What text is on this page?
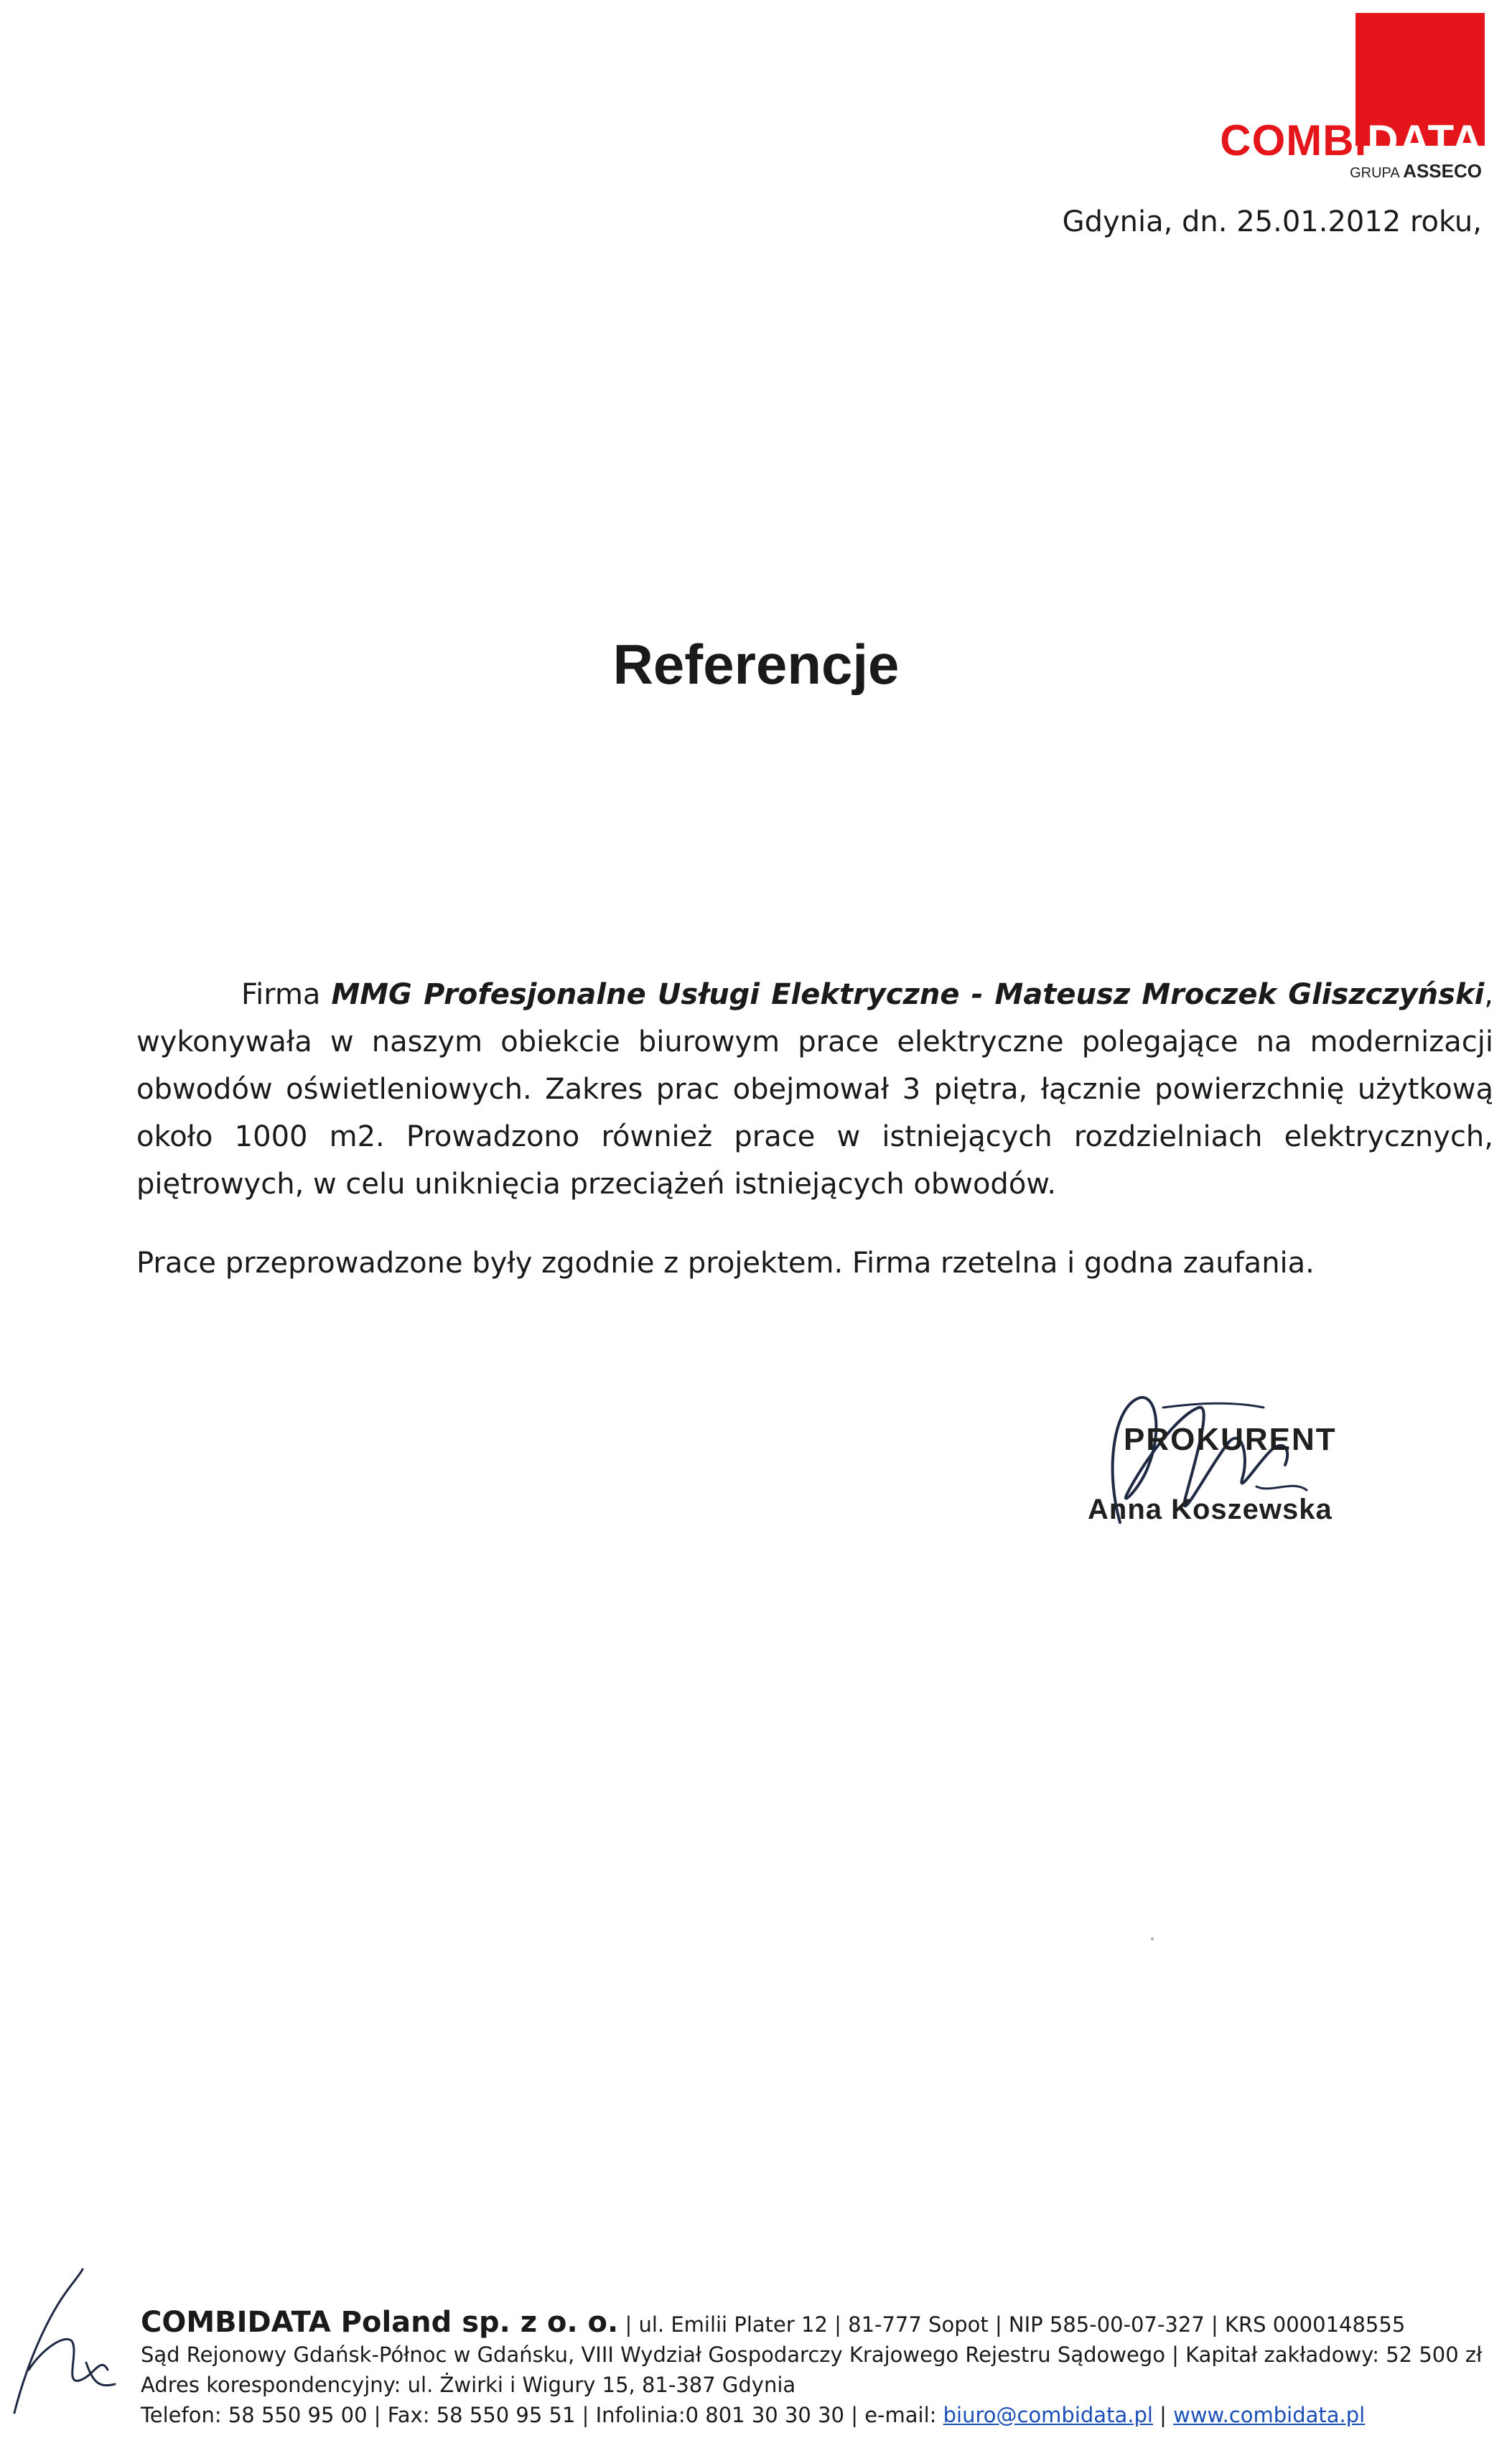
COMBIDATA
GRUPA ASSECO
Gdynia, dn. 25.01.2012 roku,
Referencje

Firma MMG Profesjonalne Usługi Elektryczne - Mateusz Mroczek Gliszczyński, wykonywała w naszym obiekcie biurowym prace elektryczne polegające na modernizacji obwodów oświetleniowych. Zakres prac obejmował 3 piętra, łącznie powierzchnię użytkową około 1000 m2. Prowadzono również prace w istniejących rozdzielniach elektrycznych, piętrowych, w celu uniknięcia przeciążeń istniejących obwodów.

Prace przeprowadzone były zgodnie z projektem. Firma rzetelna i godna zaufania.

PROKURENT
Anna Koszewska
COMBIDATA Poland sp. z o. o. | ul. Emilii Plater 12 | 81-777 Sopot | NIP 585-00-07-327 | KRS 0000148555
Sąd Rejonowy Gdańsk-Północ w Gdańsku, VIII Wydział Gospodarczy Krajowego Rejestru Sądowego | Kapitał zakładowy: 52 500 zł
Adres korespondencyjny: ul. Żwirki i Wigury 15, 81-387 Gdynia
Telefon: 58 550 95 00 | Fax: 58 550 95 51 | Infolinia:0 801 30 30 30 | e-mail: biuro@combidata.pl | www.combidata.pl
